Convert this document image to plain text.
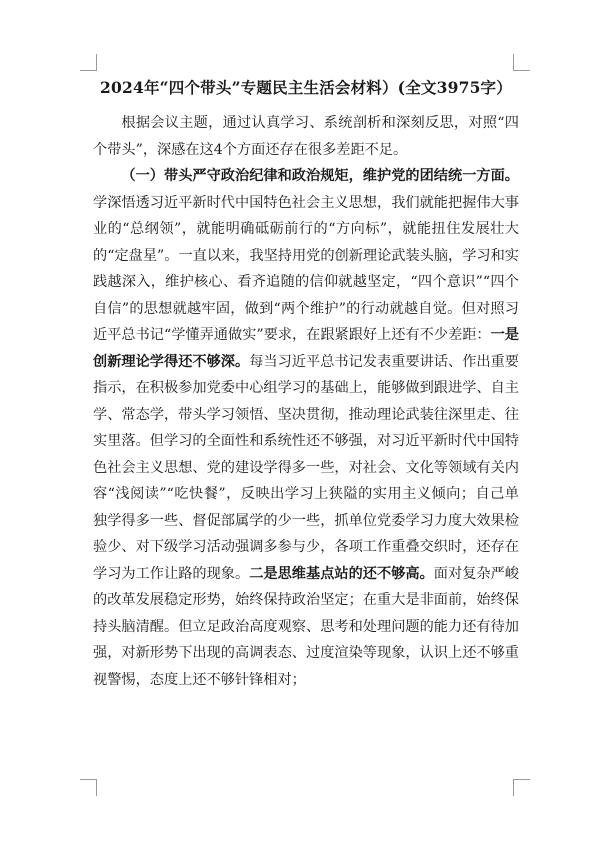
2024年“四个带头”专题民主生活会材料）(全文3975字）

根据会议主题，通过认真学习、系统剖析和深刻反思，对照“四个带头”，深感在这4个方面还存在很多差距不足。

（一）带头严守政治纪律和政治规矩，维护党的团结统一方面。学深悟透习近平新时代中国特色社会主义思想，我们就能把握伟大事业的“总纲领”，就能明确砥砺前行的“方向标”，就能扭住发展壮大的“定盘星”。一直以来，我坚持用党的创新理论武装头脑，学习和实践越深入，维护核心、看齐追随的信仰就越坚定，“四个意识”“四个自信”的思想就越牢固，做到“两个维护”的行动就越自觉。但对照习近平总书记“学懂弄通做实”要求，在跟紧跟好上还有不少差距：一是创新理论学得还不够深。每当习近平总书记发表重要讲话、作出重要指示，在积极参加党委中心组学习的基础上，能够做到跟进学、自主学、常态学，带头学习领悟、坚决贯彻，推动理论武装往深里走、往实里落。但学习的全面性和系统性还不够强，对习近平新时代中国特色社会主义思想、党的建设学得多一些，对社会、文化等领域有关内容“浅阅读”“吃快餐”，反映出学习上狭隘的实用主义倾向；自己单独学得多一些、督促部属学的少一些，抓单位党委学习力度大效果检验少、对下级学习活动强调多参与少，各项工作重叠交织时，还存在学习为工作让路的现象。二是思维基点站的还不够高。面对复杂严峻的改革发展稳定形势，始终保持政治坚定；在重大是非面前，始终保持头脑清醒。但立足政治高度观察、思考和处理问题的能力还有待加强，对新形势下出现的高调表态、过度渲染等现象，认识上还不够重视警惕，态度上还不够针锋相对；
